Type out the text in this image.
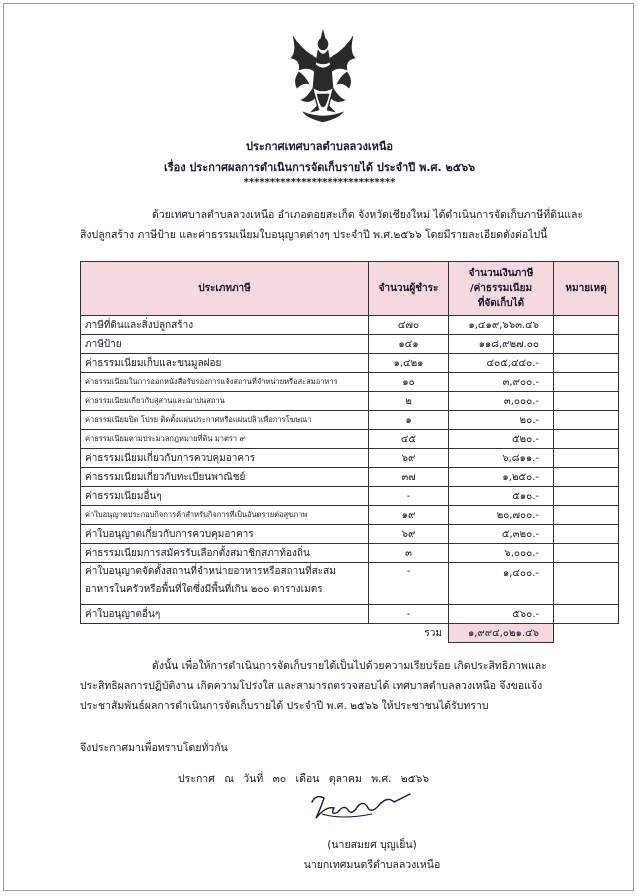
ประกาศเทศบาลตำบลลวงเหนือ
เรื่อง ประกาศผลการดำเนินการจัดเก็บรายได้ ประจำปี พ.ศ. ๒๕๖๖
*****************************

ด้วยเทศบาลตำบลลวงเหนือ อำเภอดอยสะเก็ด จังหวัดเชียงใหม่ ได้ดำเนินการจัดเก็บภาษีที่ดินและ

สิ่งปลูกสร้าง ภาษีป้าย และค่าธรรมเนียมใบอนุญาตต่างๆ ประจำปี พ.ศ.๒๕๖๖ โดยมีรายละเอียดดังต่อไปนี้

ประเภทภาษี	จำนวนผู้ชำระ	จำนวนเงินภาษี
/ค่าธรรมเนียม
ที่จัดเก็บได้	หมายเหตุ
ภาษีที่ดินและสิ่งปลูกสร้าง	๔๗๐	๑,๔๑๙,๖๖๓.๔๖	
ภาษีป้าย	๑๔๑	๑๑๘,๙๒๗.๐๐	
ค่าธรรมเนียมเก็บและขนมูลฝอย	๑,๔๒๑	๔๐๕,๔๔๐.-	
ค่าธรรมเนียมในการออกหนังสือรับรองการแจ้งสถานที่จำหน่ายหรือสะสมอาหาร	๑๐	๓,๙๐๐.-	
ค่าธรรมเนียมเกี่ยวกับสุสานและฌาปนสถาน	๒	๓,๐๐๐.-	
ค่าธรรมเนียมปิด โปรย ติดตั้งแผ่นประกาศหรือแผ่นปลิวเพื่อการโฆษณา	๑	๒๐.-	
ค่าธรรมเนียมตามประมวลกฎหมายที่ดิน มาตรา ๙	๔๕	๕๒๐.-	
ค่าธรรมเนียมเกี่ยวกับการควบคุมอาคาร	๖๙	๖,๘๑๑.-	
ค่าธรรมเนียมเกี่ยวกับทะเบียนพาณิชย์	๓๗	๑,๒๕๐.-	
ค่าธรรมเนียมอื่นๆ	-	๕๑๐.-	
ค่าใบอนุญาตประกอบกิจการค้าสำหรับกิจการที่เป็นอันตรายต่อสุขภาพ	๑๙	๒๐,๗๐๐.-	
ค่าใบอนุญาตเกี่ยวกับการควบคุมอาคาร	๖๙	๕,๓๒๐.-	
ค่าธรรมเนียมการสมัครรับเลือกตั้งสมาชิกสภาท้องถิ่น	๓	๖,๐๐๐.-	
ค่าใบอนุญาตจัดตั้งสถานที่จำหน่ายอาหารหรือสถานที่สะสมอาหารในครัวหรือพื้นที่ใดซึ่งมีพื้นที่เกิน ๒๐๐ ตารางเมตร	-	๑,๔๐๐.-	
ค่าใบอนุญาตอื่นๆ	-	๕๖๐.-	
รวม		๑,๙๙๔,๐๒๑.๔๖	

ดังนั้น เพื่อให้การดำเนินการจัดเก็บรายได้เป็นไปด้วยความเรียบร้อย เกิดประสิทธิภาพและ

ประสิทธิผลการปฏิบัติงาน เกิดความโปร่งใส และสามารถตรวจสอบได้ เทศบาลตำบลลวงเหนือ จึงขอแจ้ง

ประชาสัมพันธ์ผลการดำเนินการจัดเก็บรายได้ ประจำปี พ.ศ. ๒๕๖๖ ให้ประชาชนได้รับทราบ

จึงประกาศมาเพื่อทราบโดยทั่วกัน
ประกาศ ณ วันที่ ๓๐ เดือน ตุลาคม พ.ศ. ๒๕๖๖
(นายสมยศ บุญเย็น)
นายกเทศมนตรีตำบลลวงเหนือ
